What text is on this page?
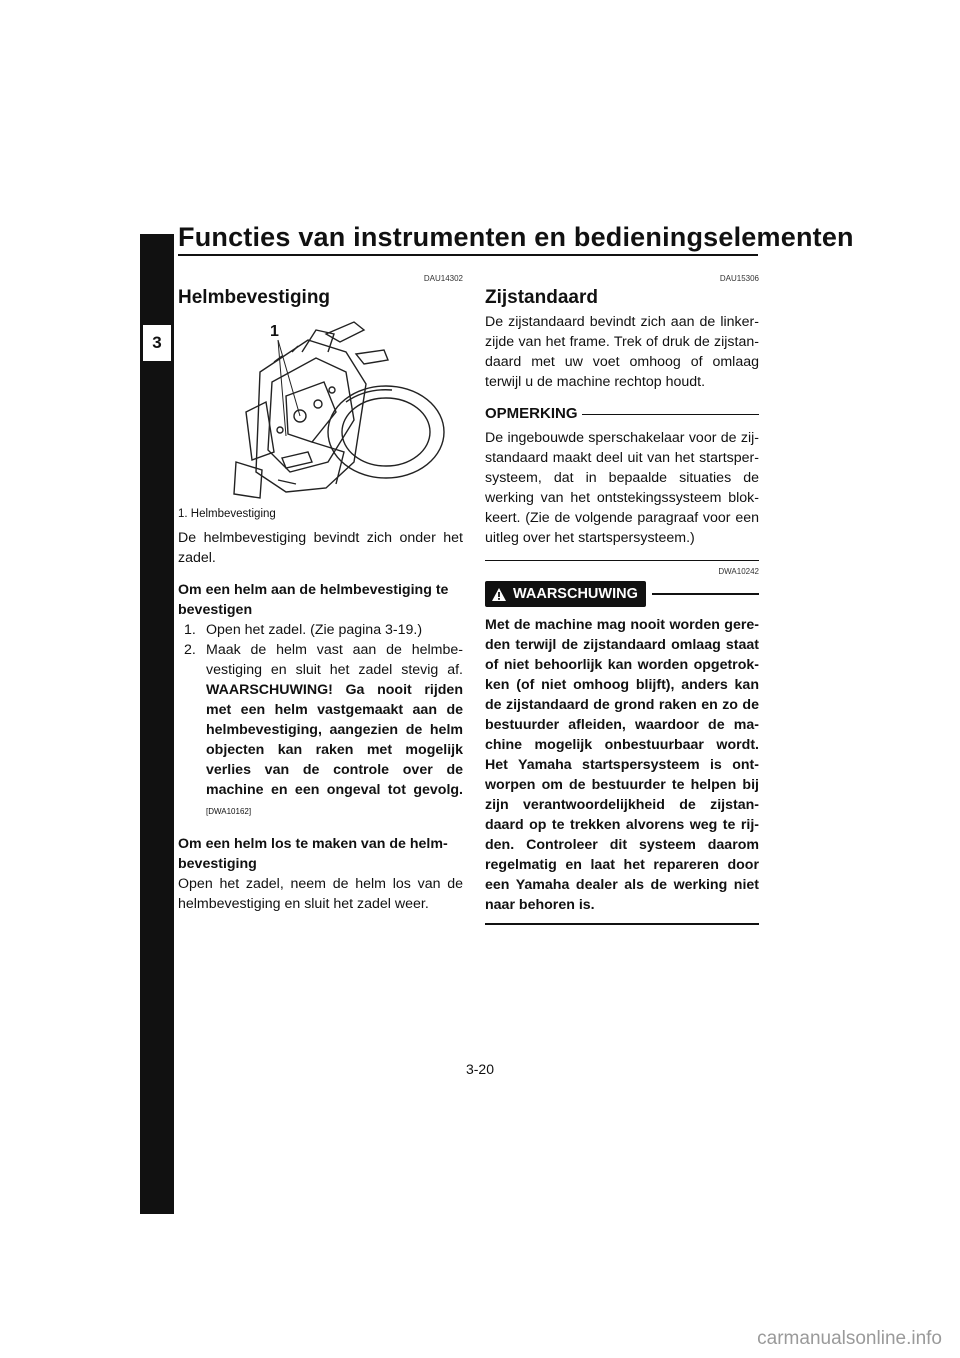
Functies van instrumenten en bedieningselementen
3
DAU14302
Helmbevestiging
1
1. Helmbevestiging

De helmbevestiging bevindt zich onder het zadel.

Om een helm aan de helmbevestiging te bevestigen

1. Open het zadel. (Zie pagina 3-19.)
2. Maak de helm vast aan de helmbevestiging en sluit het zadel stevig af. WAARSCHUWING! Ga nooit rijden met een helm vastgemaakt aan de helmbevestiging, aangezien de helm objecten kan raken met mogelijk verlies van de controle over de machine en een ongeval tot gevolg. [DWA10162]

Om een helm los te maken van de helmbevestiging

Open het zadel, neem de helm los van de helmbevestiging en sluit het zadel weer.

DAU15306
Zijstandaard

De zijstandaard bevindt zich aan de linkerzijde van het frame. Trek of druk de zijstandaard met uw voet omhoog of omlaag terwijl u de machine rechtop houdt.

OPMERKING

De ingebouwde sperschakelaar voor de zijstandaard maakt deel uit van het startspersysteem, dat in bepaalde situaties de werking van het ontstekingssysteem blokkeert. (Zie de volgende paragraaf voor een uitleg over het startspersysteem.)

DWA10242
WAARSCHUWING

Met de machine mag nooit worden gereden terwijl de zijstandaard omlaag staat of niet behoorlijk kan worden opgetrokken (of niet omhoog blijft), anders kan de zijstandaard de grond raken en zo de bestuurder afleiden, waardoor de machine mogelijk onbestuurbaar wordt. Het Yamaha startspersysteem is ontworpen om de bestuurder te helpen bij zijn verantwoordelijkheid de zijstandaard op te trekken alvorens weg te rijden. Controleer dit systeem daarom regelmatig en laat het repareren door een Yamaha dealer als de werking niet naar behoren is.

3-20
carmanualsonline.info
